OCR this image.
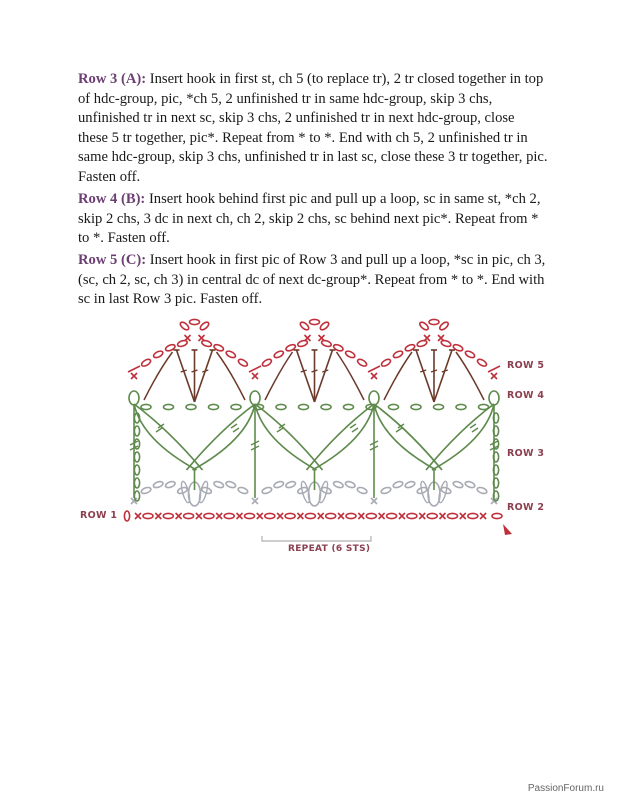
Row 3 (A): Insert hook in first st, ch 5 (to replace tr), 2 tr closed together in top of hdc-group, pic, *ch 5, 2 unfinished tr in same hdc-group, skip 3 chs, unfinished tr in next sc, skip 3 chs, 2 unfinished tr in next hdc-group, close these 5 tr together, pic*. Repeat from * to *. End with ch 5, 2 unfinished tr in same hdc-group, skip 3 chs, unfinished tr in last sc, close these 3 tr together, pic. Fasten off.

Row 4 (B): Insert hook behind first pic and pull up a loop, sc in same st, *ch 2, skip 2 chs, 3 dc in next ch, ch 2, skip 2 chs, sc behind next pic*. Repeat from * to *. Fasten off.

Row 5 (C): Insert hook in first pic of Row 3 and pull up a loop, *sc in pic, ch 3, (sc, ch 2, sc, ch 3) in central dc of next dc-group*. Repeat from * to *. End with sc in last Row 3 pic. Fasten off.

ROW 5
ROW 4
ROW 3
ROW 2
ROW 1
REPEAT (6 STS)
PassionForum.ru
